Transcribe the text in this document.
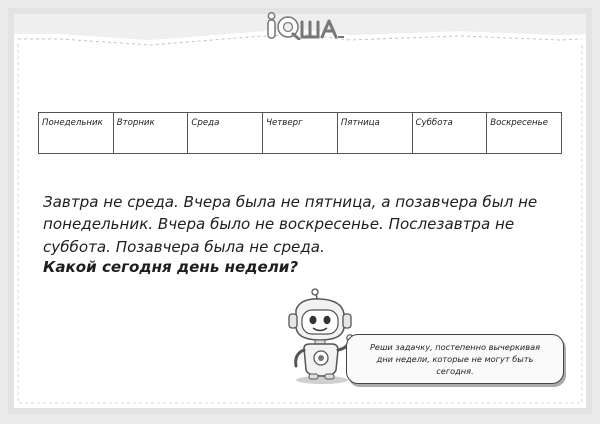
Понедельник	Вторник	Среда	Четверг	Пятница	Суббота	Воскресенье

Завтра не среда. Вчера была не пятница, а позавчера был не
понедельник. Вчера было не воскресенье. Послезавтра не
суббота. Позавчера была не среда.

Какой сегодня день недели?

Реши задачку, постепенно вычеркивая
дни недели, которые не могут быть
сегодня.
